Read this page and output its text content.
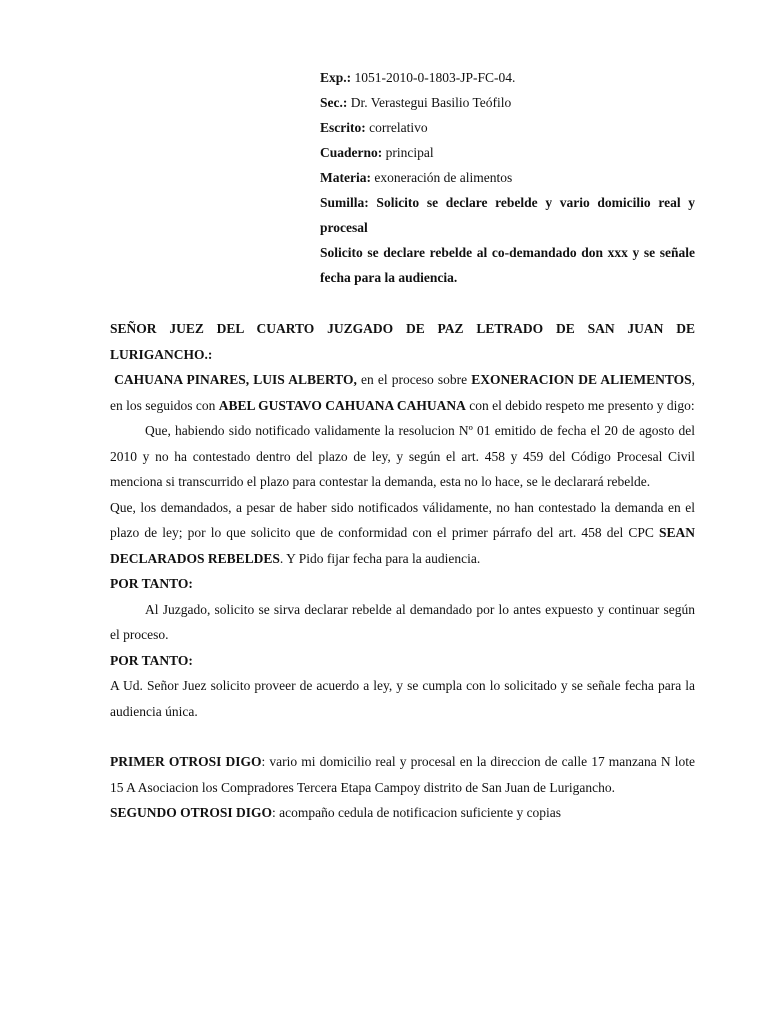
Exp.: 1051-2010-0-1803-JP-FC-04.
Sec.: Dr. Verastegui Basilio Teófilo
Escrito: correlativo
Cuaderno: principal
Materia: exoneración de alimentos
Sumilla: Solicito se declare rebelde y vario domicilio real y procesal
Solicito se declare rebelde al co-demandado don xxx y se señale fecha para la audiencia.

SEÑOR JUEZ DEL CUARTO JUZGADO DE PAZ LETRADO DE SAN JUAN DE LURIGANCHO.:

CAHUANA PINARES, LUIS ALBERTO, en el proceso sobre EXONERACION DE ALIEMENTOS, en los seguidos con ABEL GUSTAVO CAHUANA CAHUANA con el debido respeto me presento y digo:

Que, habiendo sido notificado validamente la resolucion Nº 01 emitido de fecha el 20 de agosto del 2010 y no ha contestado dentro del plazo de ley, y según el art. 458 y 459 del Código Procesal Civil menciona si transcurrido el plazo para contestar la demanda, esta no lo hace, se le declarará rebelde.

Que, los demandados, a pesar de haber sido notificados válidamente, no han contestado la demanda en el plazo de ley; por lo que solicito que de conformidad con el primer párrafo del art. 458 del CPC SEAN DECLARADOS REBELDES. Y Pido fijar fecha para la audiencia.

POR TANTO:

Al Juzgado, solicito se sirva declarar rebelde al demandado por lo antes expuesto y continuar según el proceso.

POR TANTO:

A Ud. Señor Juez solicito proveer de acuerdo a ley, y se cumpla con lo solicitado y se señale fecha para la audiencia única.

PRIMER OTROSI DIGO: vario mi domicilio real y procesal en la direccion de calle 17 manzana N lote 15 A Asociacion los Compradores Tercera Etapa Campoy distrito de San Juan de Lurigancho.

SEGUNDO OTROSI DIGO: acompaño cedula de notificacion suficiente y copias
